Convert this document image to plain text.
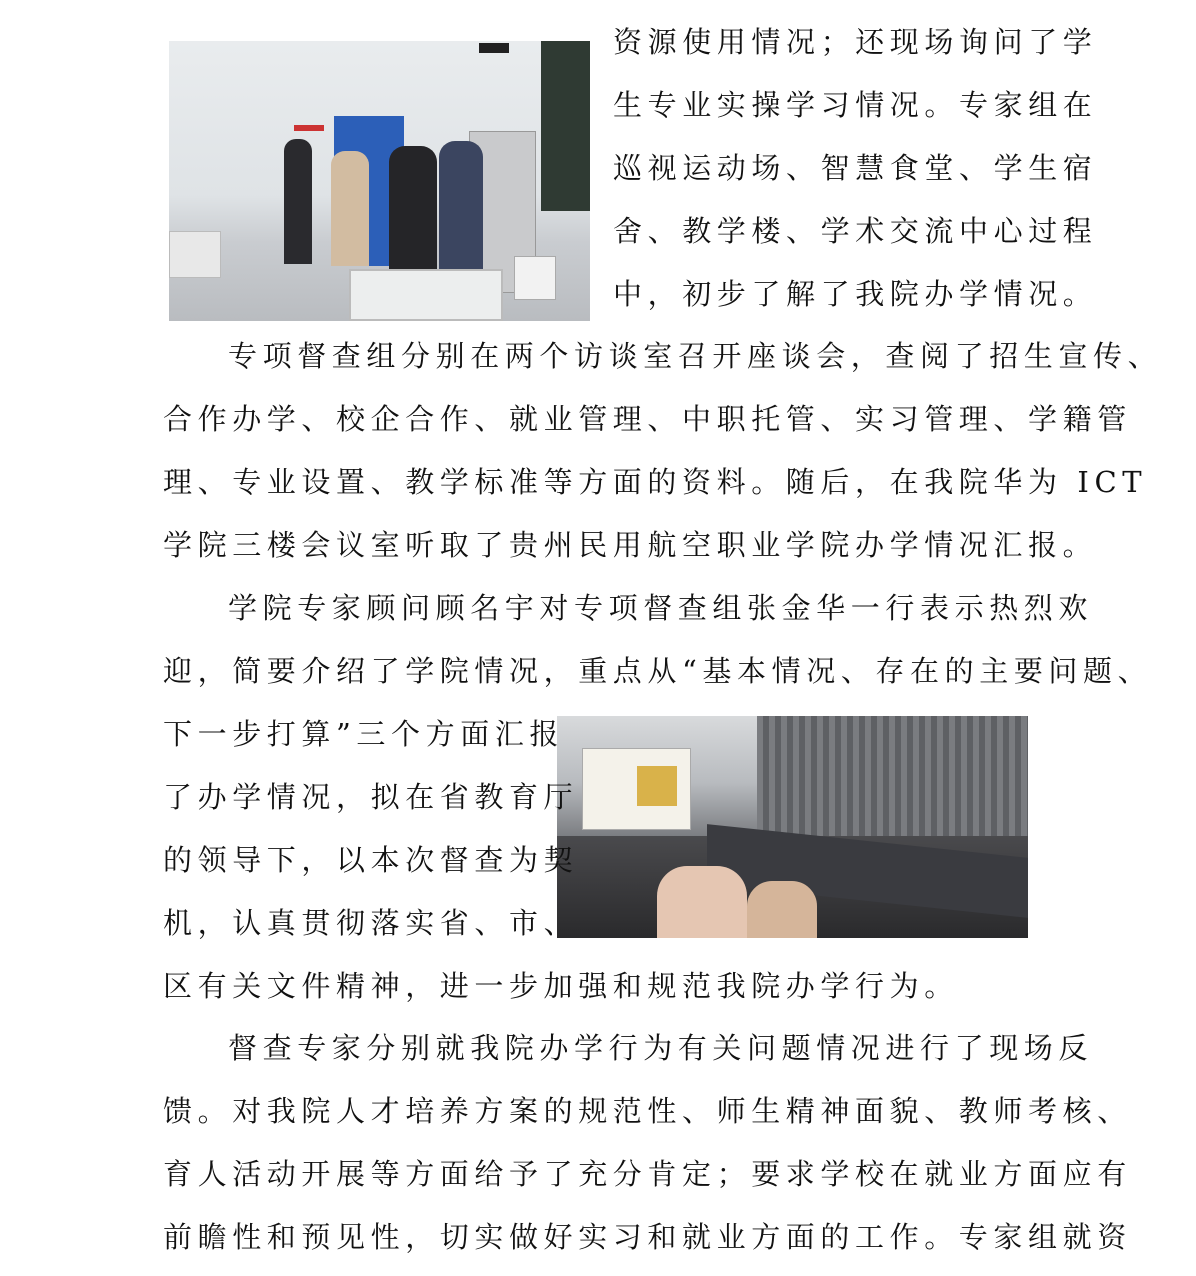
资源使用情况；还现场询问了学
生专业实操学习情况。专家组在
巡视运动场、智慧食堂、学生宿
舍、教学楼、学术交流中心过程
中，初步了解了我院办学情况。
专项督查组分别在两个访谈室召开座谈会，查阅了招生宣传、
合作办学、校企合作、就业管理、中职托管、实习管理、学籍管
理、专业设置、教学标准等方面的资料。随后，在我院华为 ICT
学院三楼会议室听取了贵州民用航空职业学院办学情况汇报。
学院专家顾问顾名宇对专项督查组张金华一行表示热烈欢
迎，简要介绍了学院情况，重点从“基本情况、存在的主要问题、
下一步打算”三个方面汇报
了办学情况，拟在省教育厅
的领导下，以本次督查为契
机，认真贯彻落实省、市、
区有关文件精神，进一步加强和规范我院办学行为。
督查专家分别就我院办学行为有关问题情况进行了现场反
馈。对我院人才培养方案的规范性、师生精神面貌、教师考核、
育人活动开展等方面给予了充分肯定；要求学校在就业方面应有
前瞻性和预见性，切实做好实习和就业方面的工作。专家组就资
